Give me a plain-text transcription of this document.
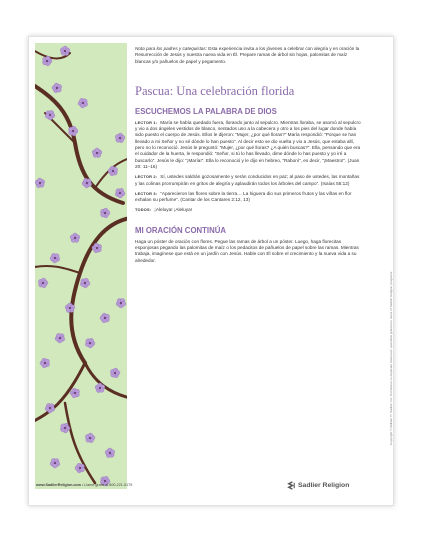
Nota para los padres y catequistas: Esta experiencia invita a los jóvenes a celebrar con alegría y en oración la Resurrección de Jesús y nuestra nueva vida en Él. Prepare ramas de árbol sin hojas, palomitas de maíz blancas y/o pañuelos de papel y pegamento.

Pascua: Una celebración florida
ESCUCHEMOS LA PALABRA DE DIOS

LECTOR 1: María se había quedado fuera, llorando junto al sepulcro. Mientras lloraba, se asomó al sepulcro y vio a dos ángeles vestidos de blanco, sentados uno a la cabecera y otro a los pies del lugar donde había sido puesto el cuerpo de Jesús. Ellos le dijeron: “Mujer, ¿por qué lloras?” María respondió: “Porque se han llevado a mi Señor y no sé dónde lo han puesto”. Al decir esto se dio vuelta y vio a Jesús, que estaba allí, pero no lo reconoció. Jesús le preguntó: “Mujer, ¿por qué lloras? ¿A quién buscas?”. Ella, pensando que era el cuidador de la huerta, le respondió: “Señor, si tú lo has llevado, dime dónde lo has puesto y yo iré a buscarlo”. Jesús le dijo: “¡María!”. Ella lo reconoció y le dijo en hebreo, “Raboní”, es decir, “¡Maestro!”. (Juan 20: 11–16)

LECTOR 2: Sí, ustedes saldrán gozosamente y serán conducidos en paz; al paso de ustedes, las montañas y las colinas prorrumpirán en gritos de alegría y aplaudirán todos los árboles del campo”. (Isaías 55:12)

LECTOR 3: “Aparecieron las flores sobre la tierra… La higuera dio sus primeros frutos y las viñas en flor exhalan su perfume”. (Cantar de los Cantares 2:12, 13)

TODOS: ¡Aleluya! ¡Aleluya!

MI ORACIÓN CONTINÚA

Haga un póster de oración con flores. Pegue las ramas de árbol a un póster. Luego, haga florecitas esponjosas pegando las palomitas de maíz o los pedacitos de pañuelos de papel sobre las ramas. Mientras trabaja, imagínese que está en un jardín con Jesús. Hable con Él sobre el crecimiento y la nueva vida a su alrededor.

Copyright © William H. Sadlier, Inc. Permission to duplicate classroom quantities granted to users of Sadlier Religion programs.
www.SadlierReligion.com • Llame gratis al 800-221-5175	Sadlier Religion
